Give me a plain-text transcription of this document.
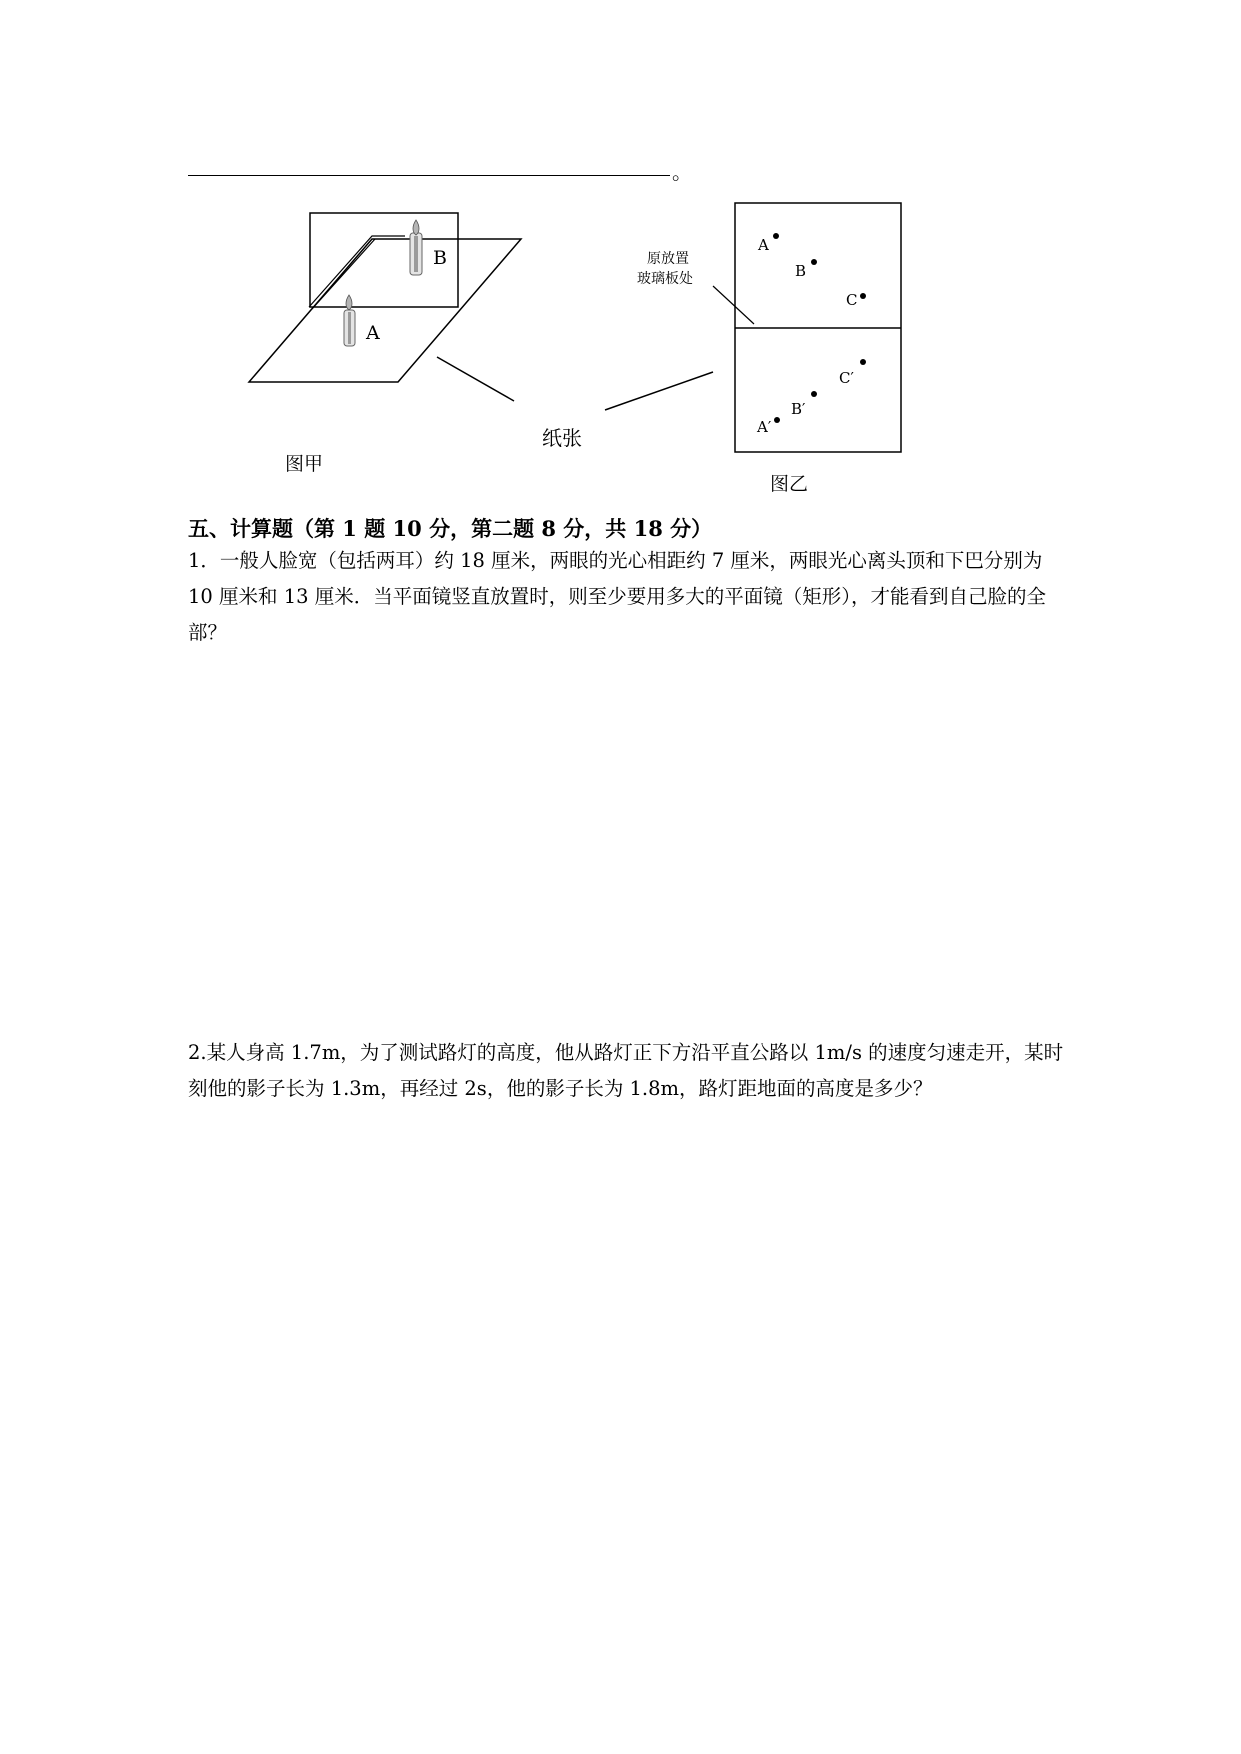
。
B
A
纸张
图甲
原放置
玻璃板处
A
B
C
C′
B′
A′
图乙
五、计算题（第 1 题 10 分，第二题 8 分，共 18 分）
1．一般人脸宽（包括两耳）约 18 厘米，两眼的光心相距约 7 厘米，两眼光心离头顶和下巴分别为 10 厘米和 13 厘米．当平面镜竖直放置时，则至少要用多大的平面镜（矩形），才能看到自己脸的全部？
2.某人身高 1.7m，为了测试路灯的高度，他从路灯正下方沿平直公路以 1m/s 的速度匀速走开，某时刻他的影子长为 1.3m，再经过 2s，他的影子长为 1.8m，路灯距地面的高度是多少？
